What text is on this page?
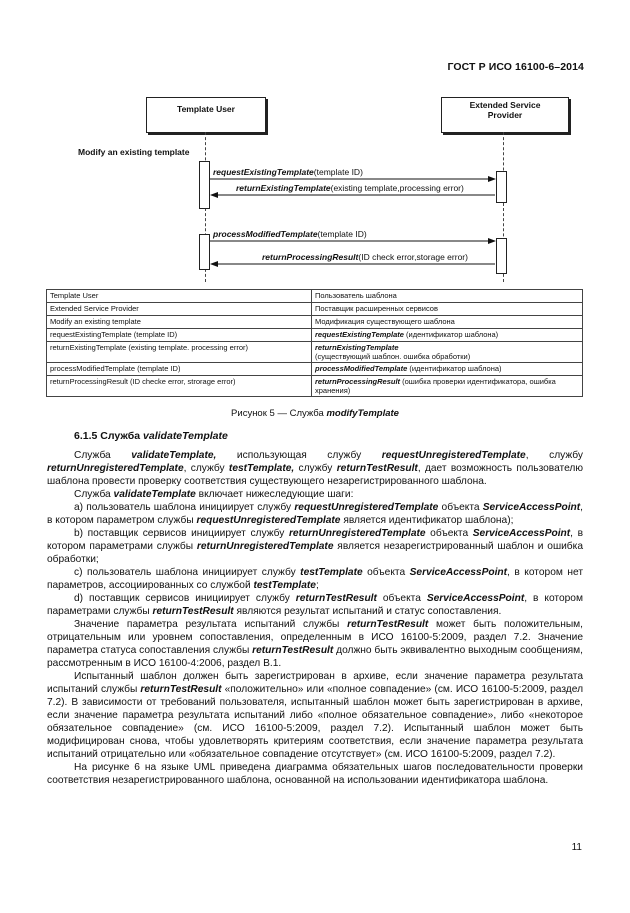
ГОСТ Р ИСО 16100-6–2014
Template User	Extended Service
Provider
Modify an existing template
requestExistingTemplate(template ID)
returnExistingTemplate(existing template,processing error)
processModifiedTemplate(template ID)
returnProcessingResult(ID check error,storage error)
Template User	Пользователь шаблона
Extended Service Provider	Поставщик расширенных сервисов
Modify an existing template	Модификация существующего шаблона
requestExistingTemplate (template ID)	requestExistingTemplate (идентификатор шаблона)
returnExistingTemplate (existing template. processing error)	returnExistingTemplate
(существующий шаблон. ошибка обработки)
processModifiedTemplate (template ID)	processModifiedTemplate (идентификатор шаблона)
returnProcessingResult (ID checke error, strorage error)	returnProcessingResult (ошибка проверки идентификатора, ошибка хранения)
Рисунок 5 — Служба modifyTemplate
6.1.5 Служба validateTemplate

Служба validateTemplate, использующая службу requestUnregisteredTemplate, службу returnUnregisteredTemplate, службу testTemplate, службу returnTestResult, дает возможность пользователю шаблона провести проверку соответствия существующего незарегистрированного шаблона.

Служба validateTemplate включает нижеследующие шаги:

а) пользователь шаблона инициирует службу requestUnregisteredTemplate объекта ServiceAccessPoint, в котором параметром службы requestUnregisteredTemplate является идентификатор шаблона);

b) поставщик сервисов инициирует службу returnUnregisteredTemplate объекта ServiceAccessPoint, в котором параметрами службы returnUnregisteredTemplate является незарегистрированный шаблон и ошибка обработки;

с) пользователь шаблона инициирует службу testTemplate объекта ServiceAccessPoint, в котором нет параметров, ассоциированных со службой testTemplate;

d) поставщик сервисов инициирует службу returnTestResult объекта ServiceAccessPoint, в котором параметрами службы returnTestResult являются результат испытаний и статус сопоставления.

Значение параметра результата испытаний службы returnTestResult может быть положительным, отрицательным или уровнем сопоставления, определенным в ИСО 16100-5:2009, раздел 7.2. Значение параметра статуса сопоставления службы returnTestResult должно быть эквивалентно выходным сообщениям, рассмотренным в ИСО 16100-4:2006, раздел В.1.

Испытанный шаблон должен быть зарегистрирован в архиве, если значение параметра результата испытаний службы returnTestResult «положительно» или «полное совпадение» (см. ИСО 16100-5:2009, раздел 7.2). В зависимости от требований пользователя, испытанный шаблон может быть зарегистрирован в архиве, если значение параметра результата испытаний либо «полное обязательное совпадение», либо «некоторое обязательное совпадение» (см. ИСО 16100-5:2009, раздел 7.2). Испытанный шаблон может быть модифицирован снова, чтобы удовлетворять критериям соответствия, если значение параметра результата испытаний отрицательно или «обязательное совпадение отсутствует» (см. ИСО 16100-5:2009, раздел 7.2).

На рисунке 6 на языке UML приведена диаграмма обязательных шагов последовательности проверки соответствия незарегистрированного шаблона, основанной на использовании идентификатора шаблона.

11
